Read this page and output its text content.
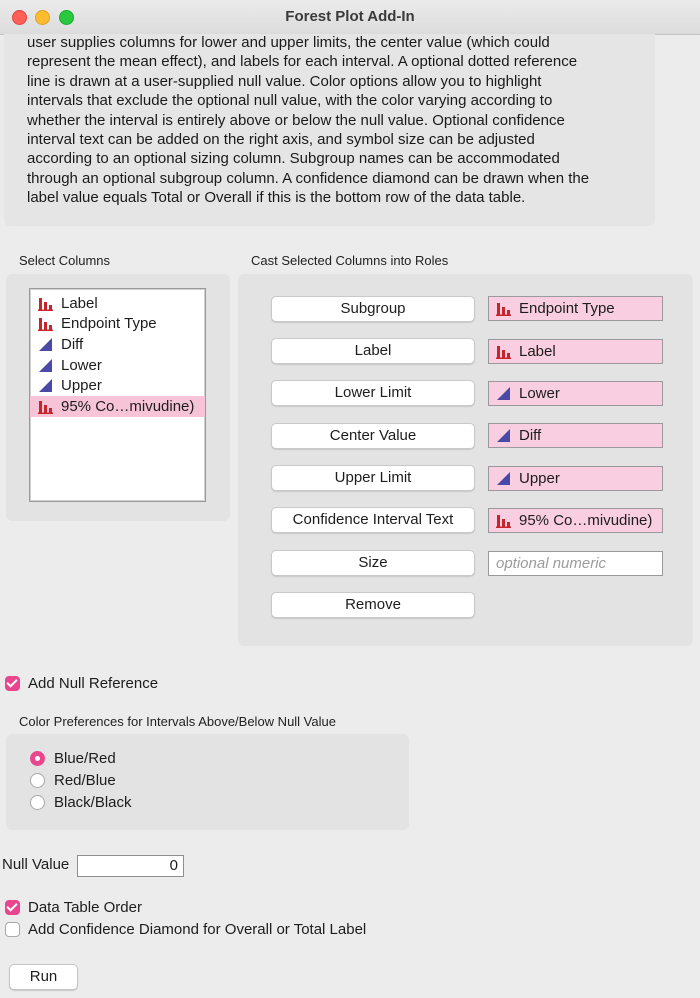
Forest Plot Add-In
user supplies columns for lower and upper limits, the center value (which could
represent the mean effect), and labels for each interval. A optional dotted reference
line is drawn at a user-supplied null value. Color options allow you to highlight
intervals that exclude the optional null value, with the color varying according to
whether the interval is entirely above or below the null value. Optional confidence
interval text can be added on the right axis, and symbol size can be adjusted
according to an optional sizing column. Subgroup names can be accommodated
through an optional subgroup column. A confidence diamond can be drawn when the
label value equals Total or Overall if this is the bottom row of the data table.
Select Columns
Label
Endpoint Type
Diff
Lower
Upper
95% Co…mivudine)
Cast Selected Columns into Roles
Subgroup	Endpoint Type
Label	Label
Lower Limit	Lower
Center Value	Diff
Upper Limit	Upper
Confidence Interval Text	95% Co…mivudine)
Size	optional numeric
Remove
Add Null Reference
Color Preferences for Intervals Above/Below Null Value
Blue/Red
Red/Blue
Black/Black
Null Value	0
Data Table Order
Add Confidence Diamond for Overall or Total Label
Run
